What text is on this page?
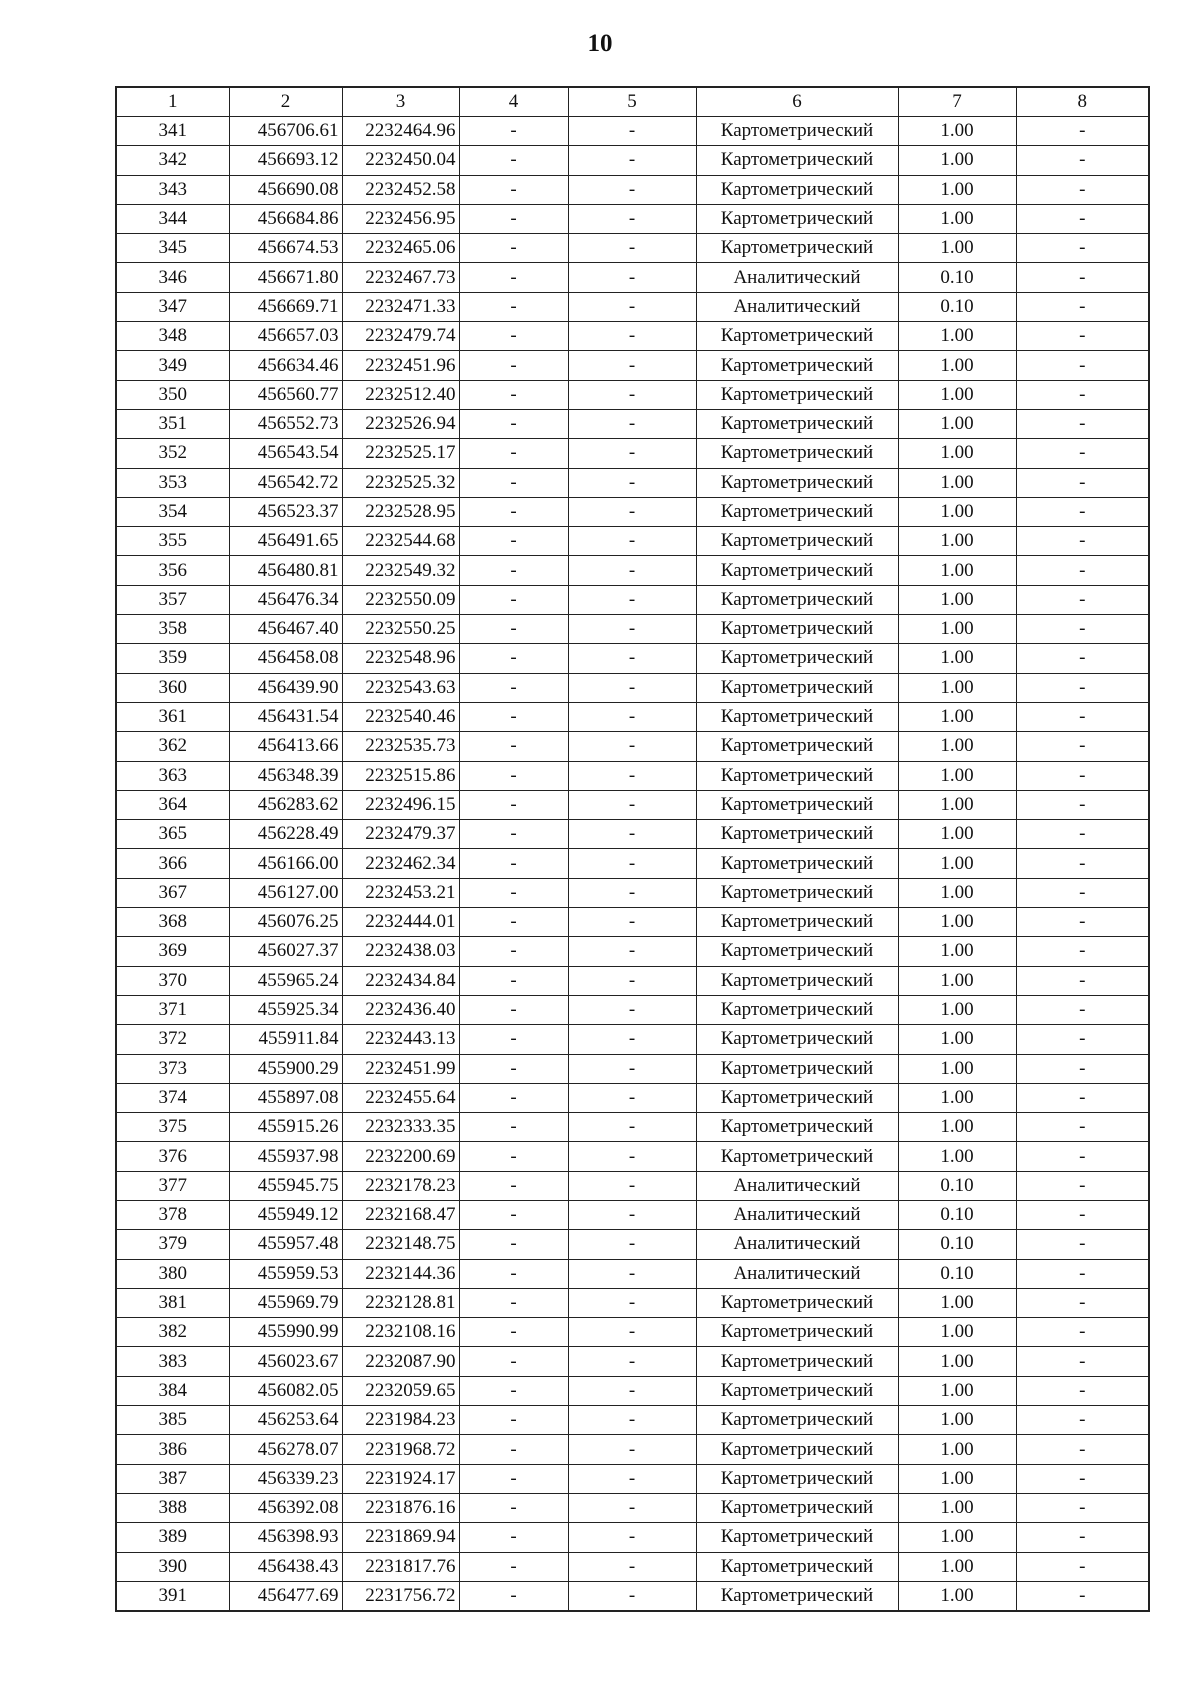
10
1	2	3	4	5	6	7	8
341	456706.61	2232464.96	-	-	Картометрический	1.00	-
342	456693.12	2232450.04	-	-	Картометрический	1.00	-
343	456690.08	2232452.58	-	-	Картометрический	1.00	-
344	456684.86	2232456.95	-	-	Картометрический	1.00	-
345	456674.53	2232465.06	-	-	Картометрический	1.00	-
346	456671.80	2232467.73	-	-	Аналитический	0.10	-
347	456669.71	2232471.33	-	-	Аналитический	0.10	-
348	456657.03	2232479.74	-	-	Картометрический	1.00	-
349	456634.46	2232451.96	-	-	Картометрический	1.00	-
350	456560.77	2232512.40	-	-	Картометрический	1.00	-
351	456552.73	2232526.94	-	-	Картометрический	1.00	-
352	456543.54	2232525.17	-	-	Картометрический	1.00	-
353	456542.72	2232525.32	-	-	Картометрический	1.00	-
354	456523.37	2232528.95	-	-	Картометрический	1.00	-
355	456491.65	2232544.68	-	-	Картометрический	1.00	-
356	456480.81	2232549.32	-	-	Картометрический	1.00	-
357	456476.34	2232550.09	-	-	Картометрический	1.00	-
358	456467.40	2232550.25	-	-	Картометрический	1.00	-
359	456458.08	2232548.96	-	-	Картометрический	1.00	-
360	456439.90	2232543.63	-	-	Картометрический	1.00	-
361	456431.54	2232540.46	-	-	Картометрический	1.00	-
362	456413.66	2232535.73	-	-	Картометрический	1.00	-
363	456348.39	2232515.86	-	-	Картометрический	1.00	-
364	456283.62	2232496.15	-	-	Картометрический	1.00	-
365	456228.49	2232479.37	-	-	Картометрический	1.00	-
366	456166.00	2232462.34	-	-	Картометрический	1.00	-
367	456127.00	2232453.21	-	-	Картометрический	1.00	-
368	456076.25	2232444.01	-	-	Картометрический	1.00	-
369	456027.37	2232438.03	-	-	Картометрический	1.00	-
370	455965.24	2232434.84	-	-	Картометрический	1.00	-
371	455925.34	2232436.40	-	-	Картометрический	1.00	-
372	455911.84	2232443.13	-	-	Картометрический	1.00	-
373	455900.29	2232451.99	-	-	Картометрический	1.00	-
374	455897.08	2232455.64	-	-	Картометрический	1.00	-
375	455915.26	2232333.35	-	-	Картометрический	1.00	-
376	455937.98	2232200.69	-	-	Картометрический	1.00	-
377	455945.75	2232178.23	-	-	Аналитический	0.10	-
378	455949.12	2232168.47	-	-	Аналитический	0.10	-
379	455957.48	2232148.75	-	-	Аналитический	0.10	-
380	455959.53	2232144.36	-	-	Аналитический	0.10	-
381	455969.79	2232128.81	-	-	Картометрический	1.00	-
382	455990.99	2232108.16	-	-	Картометрический	1.00	-
383	456023.67	2232087.90	-	-	Картометрический	1.00	-
384	456082.05	2232059.65	-	-	Картометрический	1.00	-
385	456253.64	2231984.23	-	-	Картометрический	1.00	-
386	456278.07	2231968.72	-	-	Картометрический	1.00	-
387	456339.23	2231924.17	-	-	Картометрический	1.00	-
388	456392.08	2231876.16	-	-	Картометрический	1.00	-
389	456398.93	2231869.94	-	-	Картометрический	1.00	-
390	456438.43	2231817.76	-	-	Картометрический	1.00	-
391	456477.69	2231756.72	-	-	Картометрический	1.00	-
